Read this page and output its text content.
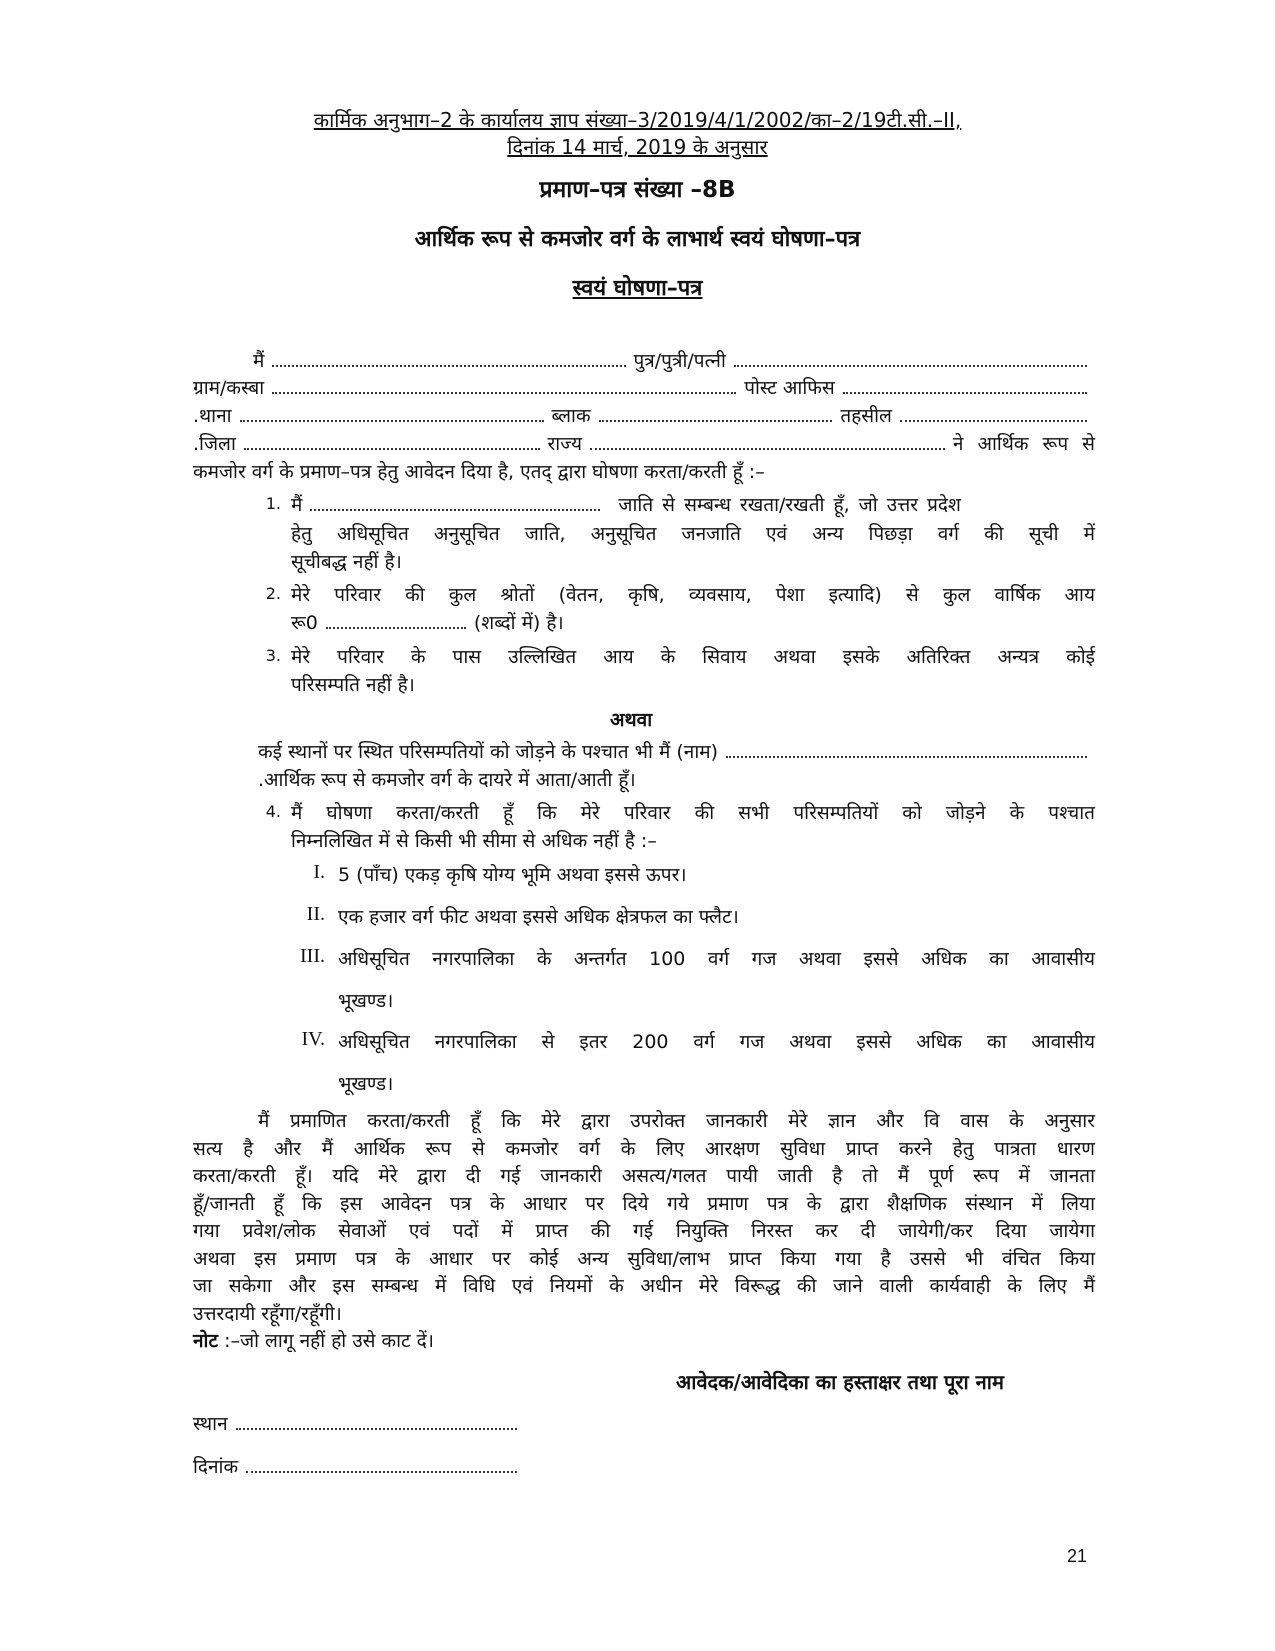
कार्मिक अनुभाग–2 के कार्यालय ज्ञाप संख्या–3/2019/4/1/2002/का–2/19टी.सी.–II,
दिनांक 14 मार्च, 2019 के अनुसार
प्रमाण–पत्र संख्या –8B
आर्थिक रूप से कमजोर वर्ग के लाभार्थ स्वयं घोषणा–पत्र
स्वयं घोषणा–पत्र
मैं	पुत्र/पुत्री/पत्नी
ग्राम/कस्बा	पोस्ट आफिस
.थाना	ब्लाक	तहसील
.जिला	राज्य	ने आर्थिक रूप से
कमजोर वर्ग के प्रमाण–पत्र हेतु आवेदन दिया है, एतद् द्वारा घोषणा करता/करती हूँ :–
1. मैं	जाति से सम्बन्ध रखता/रखती हूँ, जो उत्तर प्रदेश
हेतु अधिसूचित अनुसूचित जाति, अनुसूचित जनजाति एवं अन्य पिछड़ा वर्ग की सूची में
सूचीबद्ध नहीं है।
2. मेरे परिवार की कुल श्रोतों (वेतन, कृषि, व्यवसाय, पेशा इत्यादि) से कुल वार्षिक आय
रू0	(शब्दों में) है।
3. मेरे परिवार के पास उल्लिखित आय के सिवाय अथवा इसके अतिरिक्त अन्यत्र कोई
परिसम्पति नहीं है।
अथवा
कई स्थानों पर स्थित परिसम्पतियों को जोड़ने के पश्चात भी मैं (नाम)
.आर्थिक रूप से कमजोर वर्ग के दायरे में आता/आती हूँ।
4. मैं घोषणा करता/करती हूँ कि मेरे परिवार की सभी परिसम्पतियों को जोड़ने के पश्चात
निम्नलिखित में से किसी भी सीमा से अधिक नहीं है :–
I. 5 (पाँच) एकड़ कृषि योग्य भूमि अथवा इससे ऊपर।
II. एक हजार वर्ग फीट अथवा इससे अधिक क्षेत्रफल का फ्लैट।
III. अधिसूचित नगरपालिका के अन्तर्गत 100 वर्ग गज अथवा इससे अधिक का आवासीय
भूखण्ड।
IV. अधिसूचित नगरपालिका से इतर 200 वर्ग गज अथवा इससे अधिक का आवासीय
भूखण्ड।
मैं प्रमाणित करता/करती हूँ कि मेरे द्वारा उपरोक्त जानकारी मेरे ज्ञान और वि वास के अनुसार
सत्य है और मैं आर्थिक रूप से कमजोर वर्ग के लिए आरक्षण सुविधा प्राप्त करने हेतु पात्रता धारण
करता/करती हूँ। यदि मेरे द्वारा दी गई जानकारी असत्य/गलत पायी जाती है तो मैं पूर्ण रूप में जानता
हूँ/जानती हूँ कि इस आवेदन पत्र के आधार पर दिये गये प्रमाण पत्र के द्वारा शैक्षणिक संस्थान में लिया
गया प्रवेश/लोक सेवाओं एवं पदों में प्राप्त की गई नियुक्ति निरस्त कर दी जायेगी/कर दिया जायेगा
अथवा इस प्रमाण पत्र के आधार पर कोई अन्य सुविधा/लाभ प्राप्त किया गया है उससे भी वंचित किया
जा सकेगा और इस सम्बन्ध में विधि एवं नियमों के अधीन मेरे विरूद्ध की जाने वाली कार्यवाही के लिए मैं
उत्तरदायी रहूँगा/रहूँगी।
नोट :–जो लागू नहीं हो उसे काट दें।
आवेदक/आवेदिका का हस्ताक्षर तथा पूरा नाम
स्थान
दिनांक
21
